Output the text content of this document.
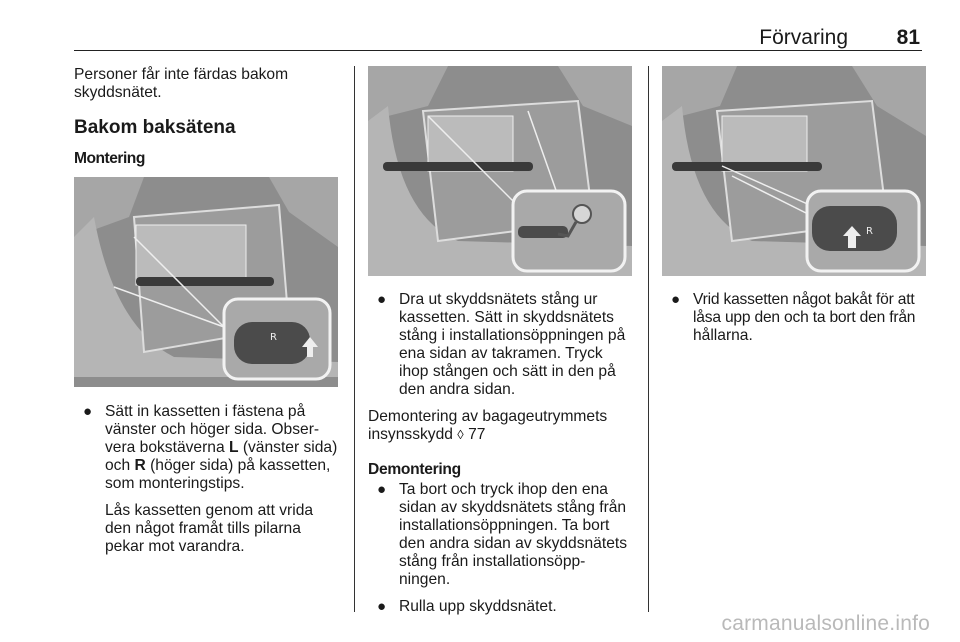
Förvaring 81

Personer får inte färdas bakom

skyddsnätet.

Bakom baksätena

Montering

R
● Sätt in kassetten i fästena på

vänster och höger sida. Obser-

vera bokstäverna L (vänster sida)

och R (höger sida) på kassetten,

som monteringstips.

Lås kassetten genom att vrida

den något framåt tills pilarna

pekar mot varandra.

● Dra ut skyddsnätets stång ur

kassetten. Sätt in skyddsnätets

stång i installationsöppningen på

ena sidan av takramen. Tryck

ihop stången och sätt in den på

den andra sidan.

Demontering av bagageutrymmets

insynsskydd ◊ 77

Demontering

● Ta bort och tryck ihop den ena

sidan av skyddsnätets stång från

installationsöppningen. Ta bort

den andra sidan av skyddsnätets

stång från installationsöpp-

ningen.

● Rulla upp skyddsnätet.

R
● Vrid kassetten något bakåt för att

låsa upp den och ta bort den från

hållarna.

carmanualsonline.info
